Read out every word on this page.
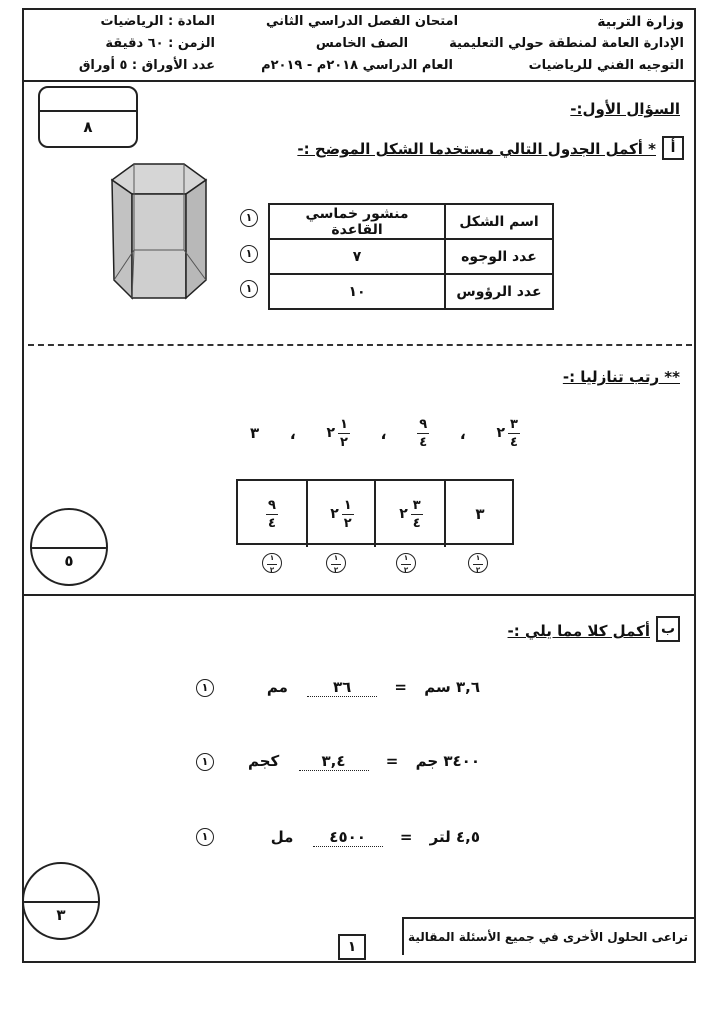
وزارة التربية
الإدارة العامة لمنطقة حولي التعليمية
التوجيه الفني للرياضيات
امتحان الفصل الدراسي الثاني
الصف الخامس
العام الدراسي ٢٠١٨م - ٢٠١٩م
المادة : الرياضيات
الزمن : ٦٠ دقيقة
عدد الأوراق : ٥ أوراق
٨
السؤال الأول:-
أ
* أكمل الجدول التالي مستخدما الشكل الموضح :-
اسم الشكل	منشور خماسي القاعدة
عدد الوجوه	٧
عدد الرؤوس	١٠
١
١
١
** رتب تنازليا :-
٣ ، ٢ $\frac{١}{٢}$ ، $\frac{٩}{٤}$ ، ٢ $\frac{٣}{٤}$
$\frac{٩}{٤}$	٢ $\frac{١}{٢}$	٢ $\frac{٣}{٤}$	٣
١
٢
١
٢
١
٢
١
٢
٥
ب
أكمل كلا مما يلي :-
٣,٦ سم = ٣٦ مم
١
٣٤٠٠ جم = ٣,٤ كجم
١
٤,٥ لتر = ٤٥٠٠ مل
١
٣
تراعى الحلول الأخرى في جميع الأسئلة المقالية
١
